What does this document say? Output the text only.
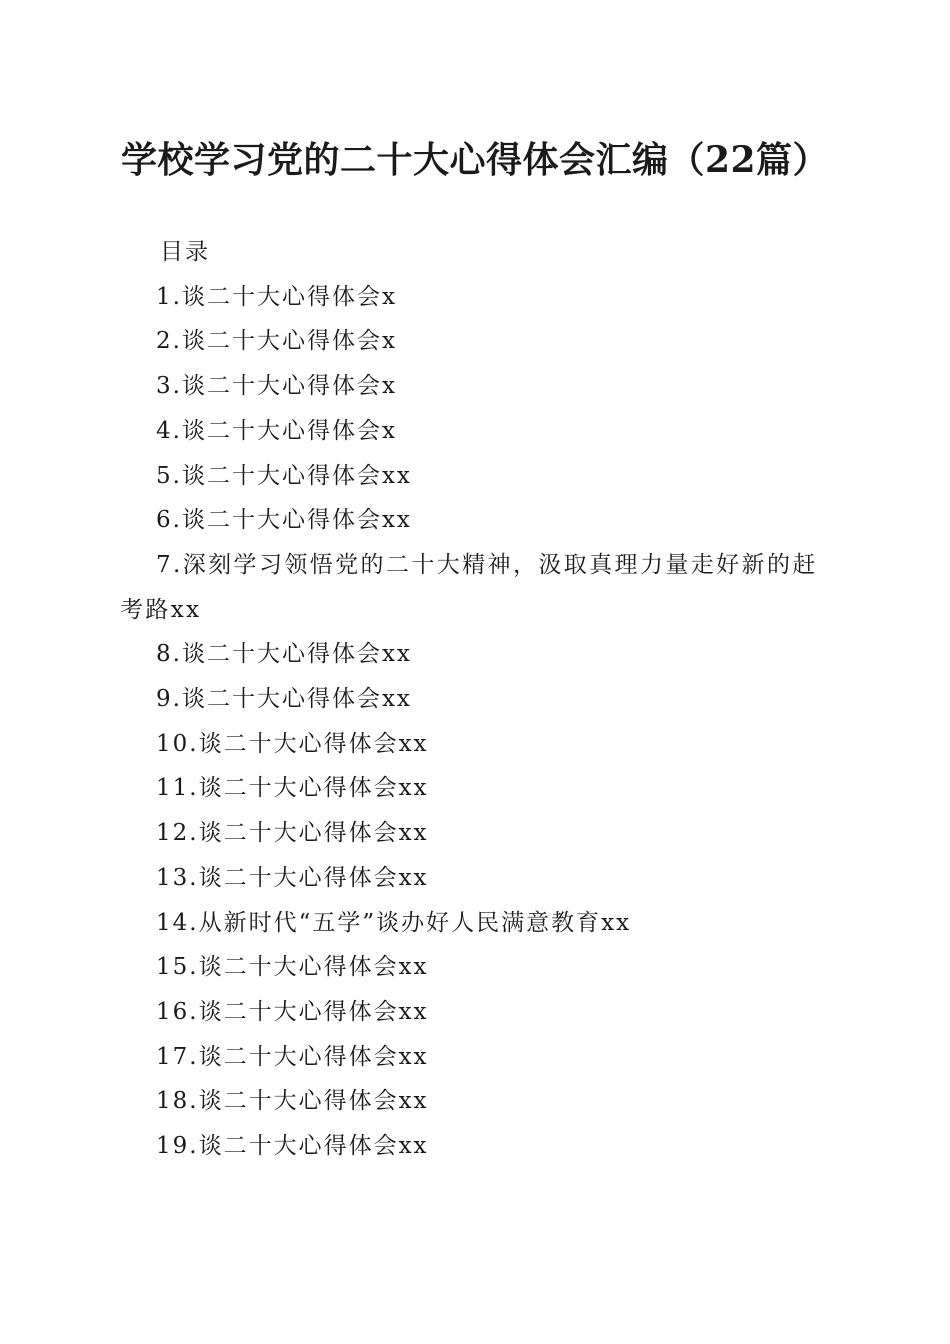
学校学习党的二十大心得体会汇编（22篇）
目录
1.谈二十大心得体会x
2.谈二十大心得体会x
3.谈二十大心得体会x
4.谈二十大心得体会x
5.谈二十大心得体会xx
6.谈二十大心得体会xx
7.深刻学习领悟党的二十大精神，汲取真理力量走好新的赶考路xx
8.谈二十大心得体会xx
9.谈二十大心得体会xx
10.谈二十大心得体会xx
11.谈二十大心得体会xx
12.谈二十大心得体会xx
13.谈二十大心得体会xx
14.从新时代“五学”谈办好人民满意教育xx
15.谈二十大心得体会xx
16.谈二十大心得体会xx
17.谈二十大心得体会xx
18.谈二十大心得体会xx
19.谈二十大心得体会xx
